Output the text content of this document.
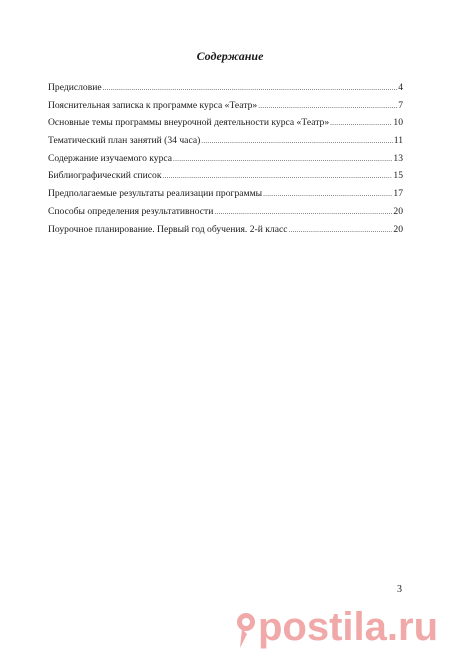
Содержание
Предисловие .....	4
Пояснительная записка к программе курса «Театр» .....	7
Основные темы программы внеурочной деятельности курса «Театр» .....	10
Тематический план занятий (34 часа) .....	11
Содержание изучаемого курса .....	13
Библиографический список .....	15
Предполагаемые результаты реализации программы .....	17
Способы определения результативности .....	20
Поурочное планирование. Первый год обучения. 2-й класс .....	20
3
postila.ru
